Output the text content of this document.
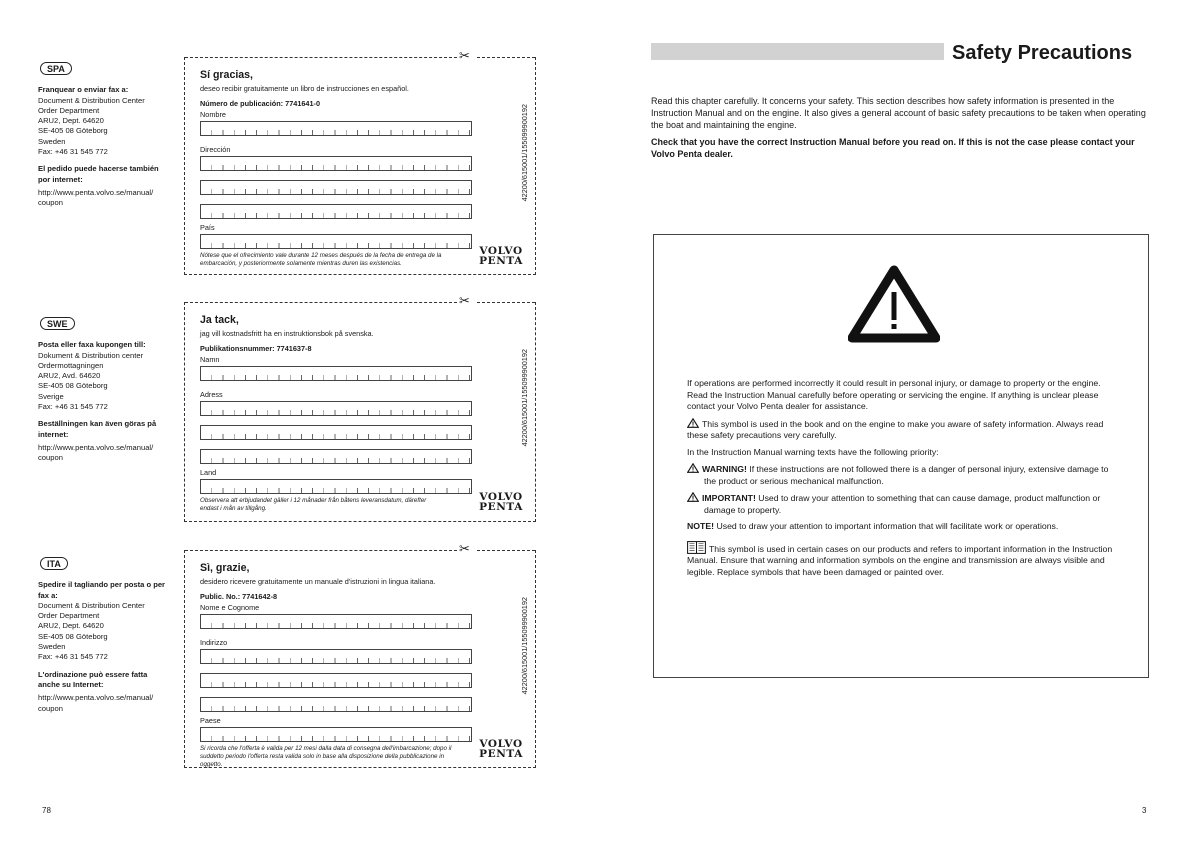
SPA
Franquear o enviar fax a:
Document & Distribution Center
Order Department
ARU2, Dept. 64620
SE-405 08 Göteborg
Sweden
Fax: +46 31 545 772
El pedido puede hacerse también por internet:
http://www.penta.volvo.se/manual/
coupon
SWE
Posta eller faxa kupongen till:
Dokument & Distribution center
Ordermottagningen
ARU2, Avd. 64620
SE-405 08 Göteborg
Sverige
Fax: +46 31 545 772
Beställningen kan även göras på internet:
http://www.penta.volvo.se/manual/
coupon
ITA
Spedire il tagliando per posta o per fax a:
Document & Distribution Center
Order Department
ARU2, Dept. 64620
SE-405 08 Göteborg
Sweden
Fax: +46 31 545 772
L'ordinazione può essere fatta anche su Internet:
http://www.penta.volvo.se/manual/
coupon
✂
Sí gracias,
deseo recibir gratuitamente un libro de instrucciones en español.
Número de publicación: 7741641-0
Nombre
Dirección
País
Nótese que el ofrecimiento vale durante 12 meses después de la fecha de entrega de la embarcación, y posteriormente solamente mientras duren las existencias.
VOLVO
PENTA
42200/615001/155099900192
✂
Ja tack,
jag vill kostnadsfritt ha en instruktionsbok på svenska.
Publikationsnummer: 7741637-8
Namn
Adress
Land
Observera att erbjudandet gäller i 12 månader från båtens leveransdatum, därefter endast i mån av tillgång.
VOLVO
PENTA
42200/615001/155099900192
✂
Sì, grazie,
desidero ricevere gratuitamente un manuale d'istruzioni in lingua italiana.
Public. No.: 7741642-8
Nome e Cognome
Indirizzo
Paese
Si ricorda che l'offerta è valida per 12 mesi dalla data di consegna dell'imbarcazione; dopo il suddetto periodo l'offerta resta valida solo in base alla disposizione della pubblicazione in oggetto.
VOLVO
PENTA
42200/615001/155099900192
78
Safety Precautions

Read this chapter carefully. It concerns your safety. This section describes how safety information is presented in the Instruction Manual and on the engine. It also gives a general account of basic safety precautions to be taken when operating the boat and maintaining the engine.

Check that you have the correct Instruction Manual before you read on. If this is not the case please contact your Volvo Penta dealer.

If operations are performed incorrectly it could result in personal injury, or damage to property or the engine. Read the Instruction Manual carefully before operating or servicing the engine. If anything is unclear please contact your Volvo Penta dealer for assistance.

This symbol is used in the book and on the engine to make you aware of safety information. Always read these safety precautions very carefully.

In the Instruction Manual warning texts have the following priority:

WARNING! If these instructions are not followed there is a danger of personal injury, extensive damage to the product or serious mechanical malfunction.

IMPORTANT! Used to draw your attention to something that can cause damage, product malfunction or damage to property.

NOTE! Used to draw your attention to important information that will facilitate work or operations.

This symbol is used in certain cases on our products and refers to important information in the Instruction Manual. Ensure that warning and information symbols on the engine and transmission are always visible and legible. Replace symbols that have been damaged or painted over.

3
